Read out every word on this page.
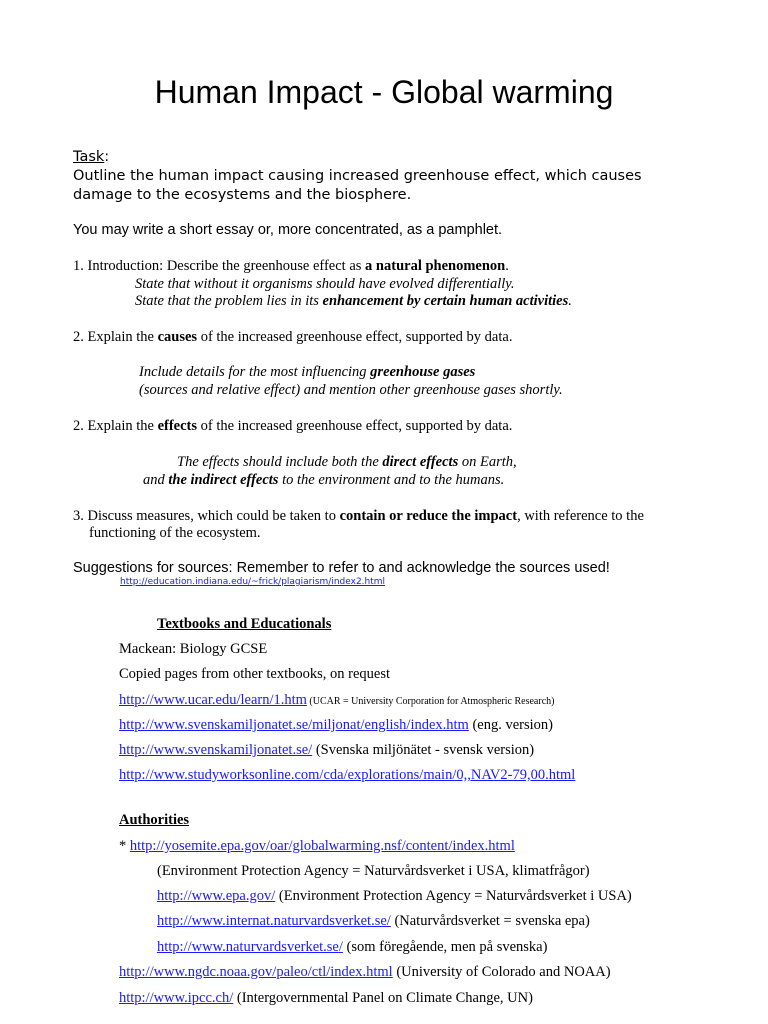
Human Impact - Global warming
Task:
Outline the human impact causing increased greenhouse effect, which causes
damage to the ecosystems and the biosphere.
You may write a short essay or, more concentrated, as a pamphlet.
1. Introduction: Describe the greenhouse effect as a natural phenomenon.
State that without it organisms should have evolved differentially.
State that the problem lies in its enhancement by certain human activities.
2. Explain the causes of the increased greenhouse effect, supported by data.
Include details for the most influencing greenhouse gases
(sources and relative effect) and mention other greenhouse gases shortly.
2. Explain the effects of the increased greenhouse effect, supported by data.
The effects should include both the direct effects on Earth,
and the indirect effects to the environment and to the humans.
3. Discuss measures, which could be taken to contain or reduce the impact, with reference to the
functioning of the ecosystem.
Suggestions for sources: Remember to refer to and acknowledge the sources used!
http://education.indiana.edu/~frick/plagiarism/index2.html
Textbooks and Educationals
Mackean: Biology GCSE
Copied pages from other textbooks, on request
http://www.ucar.edu/learn/1.htm (UCAR = University Corporation for Atmospheric Research)
http://www.svenskamiljonatet.se/miljonat/english/index.htm (eng. version)
http://www.svenskamiljonatet.se/ (Svenska miljönätet - svensk version)
http://www.studyworksonline.com/cda/explorations/main/0,,NAV2-79,00.html
Authorities
* http://yosemite.epa.gov/oar/globalwarming.nsf/content/index.html
(Environment Protection Agency = Naturvårdsverket i USA, klimatfrågor)
http://www.epa.gov/ (Environment Protection Agency = Naturvårdsverket i USA)
http://www.internat.naturvardsverket.se/ (Naturvårdsverket = svenska epa)
http://www.naturvardsverket.se/ (som föregående, men på svenska)
http://www.ngdc.noaa.gov/paleo/ctl/index.html (University of Colorado and NOAA)
http://www.ipcc.ch/ (Intergovernmental Panel on Climate Change, UN)
